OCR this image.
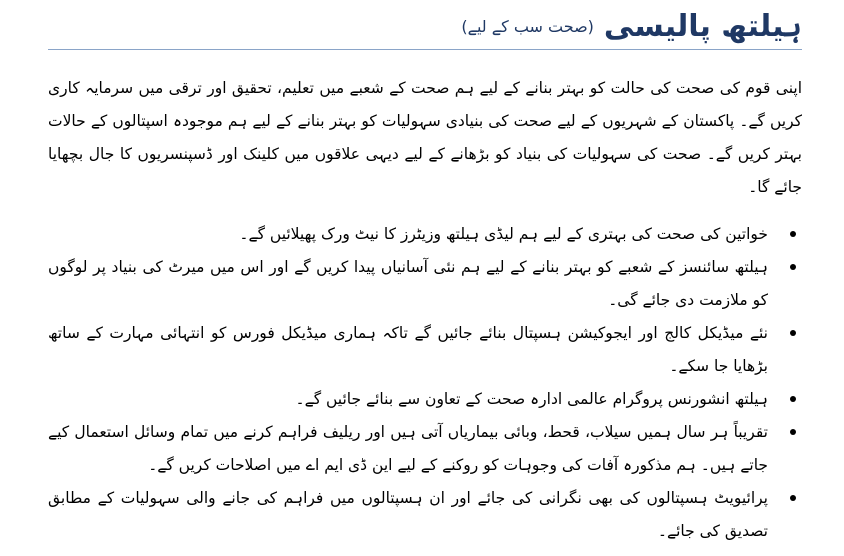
ہیلتھ پالیسی
(صحت سب کے لیے)

اپنی قوم کی صحت کی حالت کو بہتر بنانے کے لیے ہم صحت کے شعبے میں تعلیم، تحقیق اور ترقی میں سرمایہ کاری کریں گے۔ پاکستان کے شہریوں کے لیے صحت کی بنیادی سہولیات کو بہتر بنانے کے لیے ہم موجودہ اسپتالوں کے حالات بہتر کریں گے۔ صحت کی سہولیات کی بنیاد کو بڑھانے کے لیے دیہی علاقوں میں کلینک اور ڈسپنسریوں کا جال بچھایا جائے گا۔

خواتین کی صحت کی بہتری کے لیے ہم لیڈی ہیلتھ وزیٹرز کا نیٹ ورک پھیلائیں گے۔
ہیلتھ سائنسز کے شعبے کو بہتر بنانے کے لیے ہم نئی آسانیاں پیدا کریں گے اور اس میں میرٹ کی بنیاد پر لوگوں کو ملازمت دی جائے گی۔
نئے میڈیکل کالج اور ایجوکیشن ہسپتال بنائے جائیں گے تاکہ ہماری میڈیکل فورس کو انتہائی مہارت کے ساتھ بڑھایا جا سکے۔
ہیلتھ انشورنس پروگرام عالمی ادارہ صحت کے تعاون سے بنائے جائیں گے۔
تقریباً ہر سال ہمیں سیلاب، قحط، وبائی بیماریاں آتی ہیں اور ریلیف فراہم کرنے میں تمام وسائل استعمال کیے جاتے ہیں۔ ہم مذکورہ آفات کی وجوہات کو روکنے کے لیے این ڈی ایم اے میں اصلاحات کریں گے۔
پرائیویٹ ہسپتالوں کی بھی نگرانی کی جائے اور ان ہسپتالوں میں فراہم کی جانے والی سہولیات کے مطابق تصدیق کی جائے۔
